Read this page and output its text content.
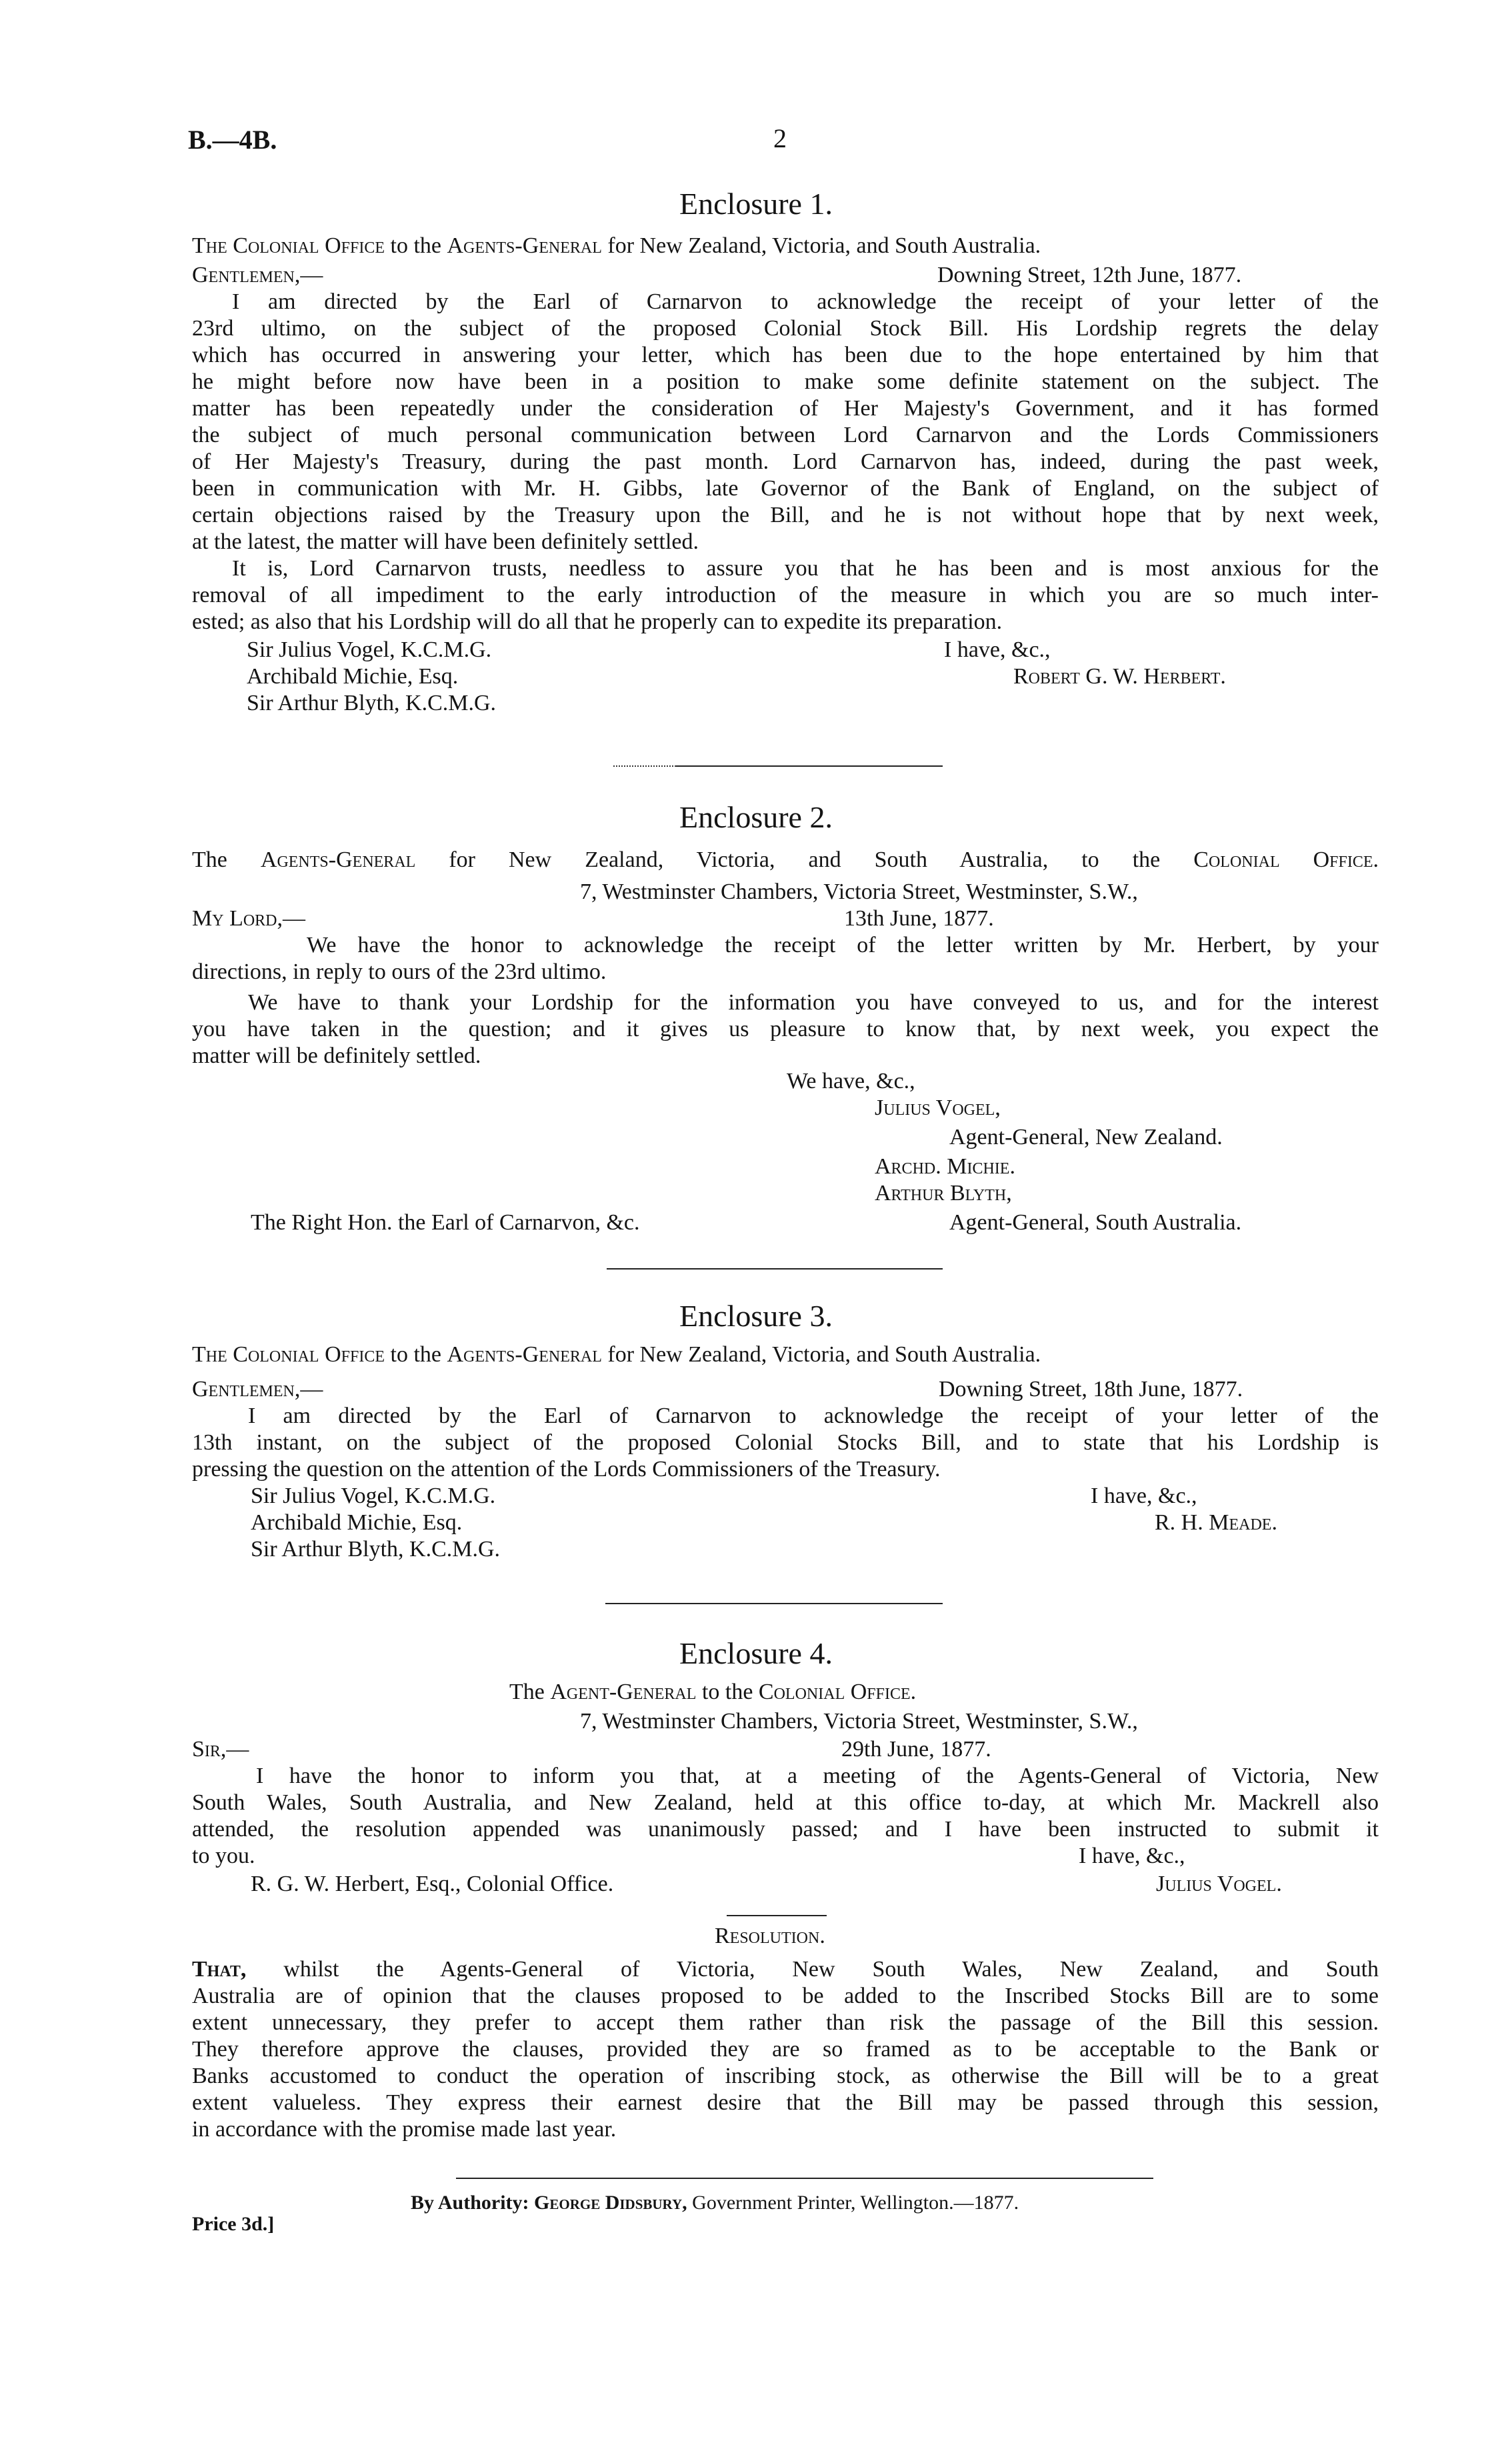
B.—4B.	2
Enclosure 1.
The Colonial Office to the Agents-General for New Zealand, Victoria, and South Australia.
Gentlemen,—	Downing Street, 12th June, 1877.
I am directed by the Earl of Carnarvon to acknowledge the receipt of your letter of the
23rd ultimo, on the subject of the proposed Colonial Stock Bill. His Lordship regrets the delay
which has occurred in answering your letter, which has been due to the hope entertained by him that
he might before now have been in a position to make some definite statement on the subject. The
matter has been repeatedly under the consideration of Her Majesty's Government, and it has formed
the subject of much personal communication between Lord Carnarvon and the Lords Commissioners
of Her Majesty's Treasury, during the past month. Lord Carnarvon has, indeed, during the past week,
been in communication with Mr. H. Gibbs, late Governor of the Bank of England, on the subject of
certain objections raised by the Treasury upon the Bill, and he is not without hope that by next week,
at the latest, the matter will have been definitely settled.
It is, Lord Carnarvon trusts, needless to assure you that he has been and is most anxious for the
removal of all impediment to the early introduction of the measure in which you are so much inter-
ested; as also that his Lordship will do all that he properly can to expedite its preparation.
Sir Julius Vogel, K.C.M.G.	I have, &c.,
Archibald Michie, Esq.	Robert G. W. Herbert.
Sir Arthur Blyth, K.C.M.G.
Enclosure 2.
The Agents-General for New Zealand, Victoria, and South Australia, to the Colonial Office.
7, Westminster Chambers, Victoria Street, Westminster, S.W.,
13th June, 1877.
My Lord,—
We have the honor to acknowledge the receipt of the letter written by Mr. Herbert, by your
directions, in reply to ours of the 23rd ultimo.
We have to thank your Lordship for the information you have conveyed to us, and for the interest
you have taken in the question; and it gives us pleasure to know that, by next week, you expect the
matter will be definitely settled.
We have, &c.,
Julius Vogel,
Agent-General, New Zealand.
Archd. Michie.
Arthur Blyth,
The Right Hon. the Earl of Carnarvon, &c.	Agent-General, South Australia.
Enclosure 3.
The Colonial Office to the Agents-General for New Zealand, Victoria, and South Australia.
Gentlemen,—	Downing Street, 18th June, 1877.
I am directed by the Earl of Carnarvon to acknowledge the receipt of your letter of the
13th instant, on the subject of the proposed Colonial Stocks Bill, and to state that his Lordship is
pressing the question on the attention of the Lords Commissioners of the Treasury.
Sir Julius Vogel, K.C.M.G.	I have, &c.,
Archibald Michie, Esq.	R. H. Meade.
Sir Arthur Blyth, K.C.M.G.
Enclosure 4.
The Agent-General to the Colonial Office.
7, Westminster Chambers, Victoria Street, Westminster, S.W.,
29th June, 1877.
Sir,—
I have the honor to inform you that, at a meeting of the Agents-General of Victoria, New
South Wales, South Australia, and New Zealand, held at this office to-day, at which Mr. Mackrell also
attended, the resolution appended was unanimously passed; and I have been instructed to submit it
to you.	I have, &c.,
R. G. W. Herbert, Esq., Colonial Office.	Julius Vogel.
Resolution.
That, whilst the Agents-General of Victoria, New South Wales, New Zealand, and South
Australia are of opinion that the clauses proposed to be added to the Inscribed Stocks Bill are to some
extent unnecessary, they prefer to accept them rather than risk the passage of the Bill this session.
They therefore approve the clauses, provided they are so framed as to be acceptable to the Bank or
Banks accustomed to conduct the operation of inscribing stock, as otherwise the Bill will be to a great
extent valueless. They express their earnest desire that the Bill may be passed through this session,
in accordance with the promise made last year.
By Authority: George Didsbury, Government Printer, Wellington.—1877.
Price 3d.]
